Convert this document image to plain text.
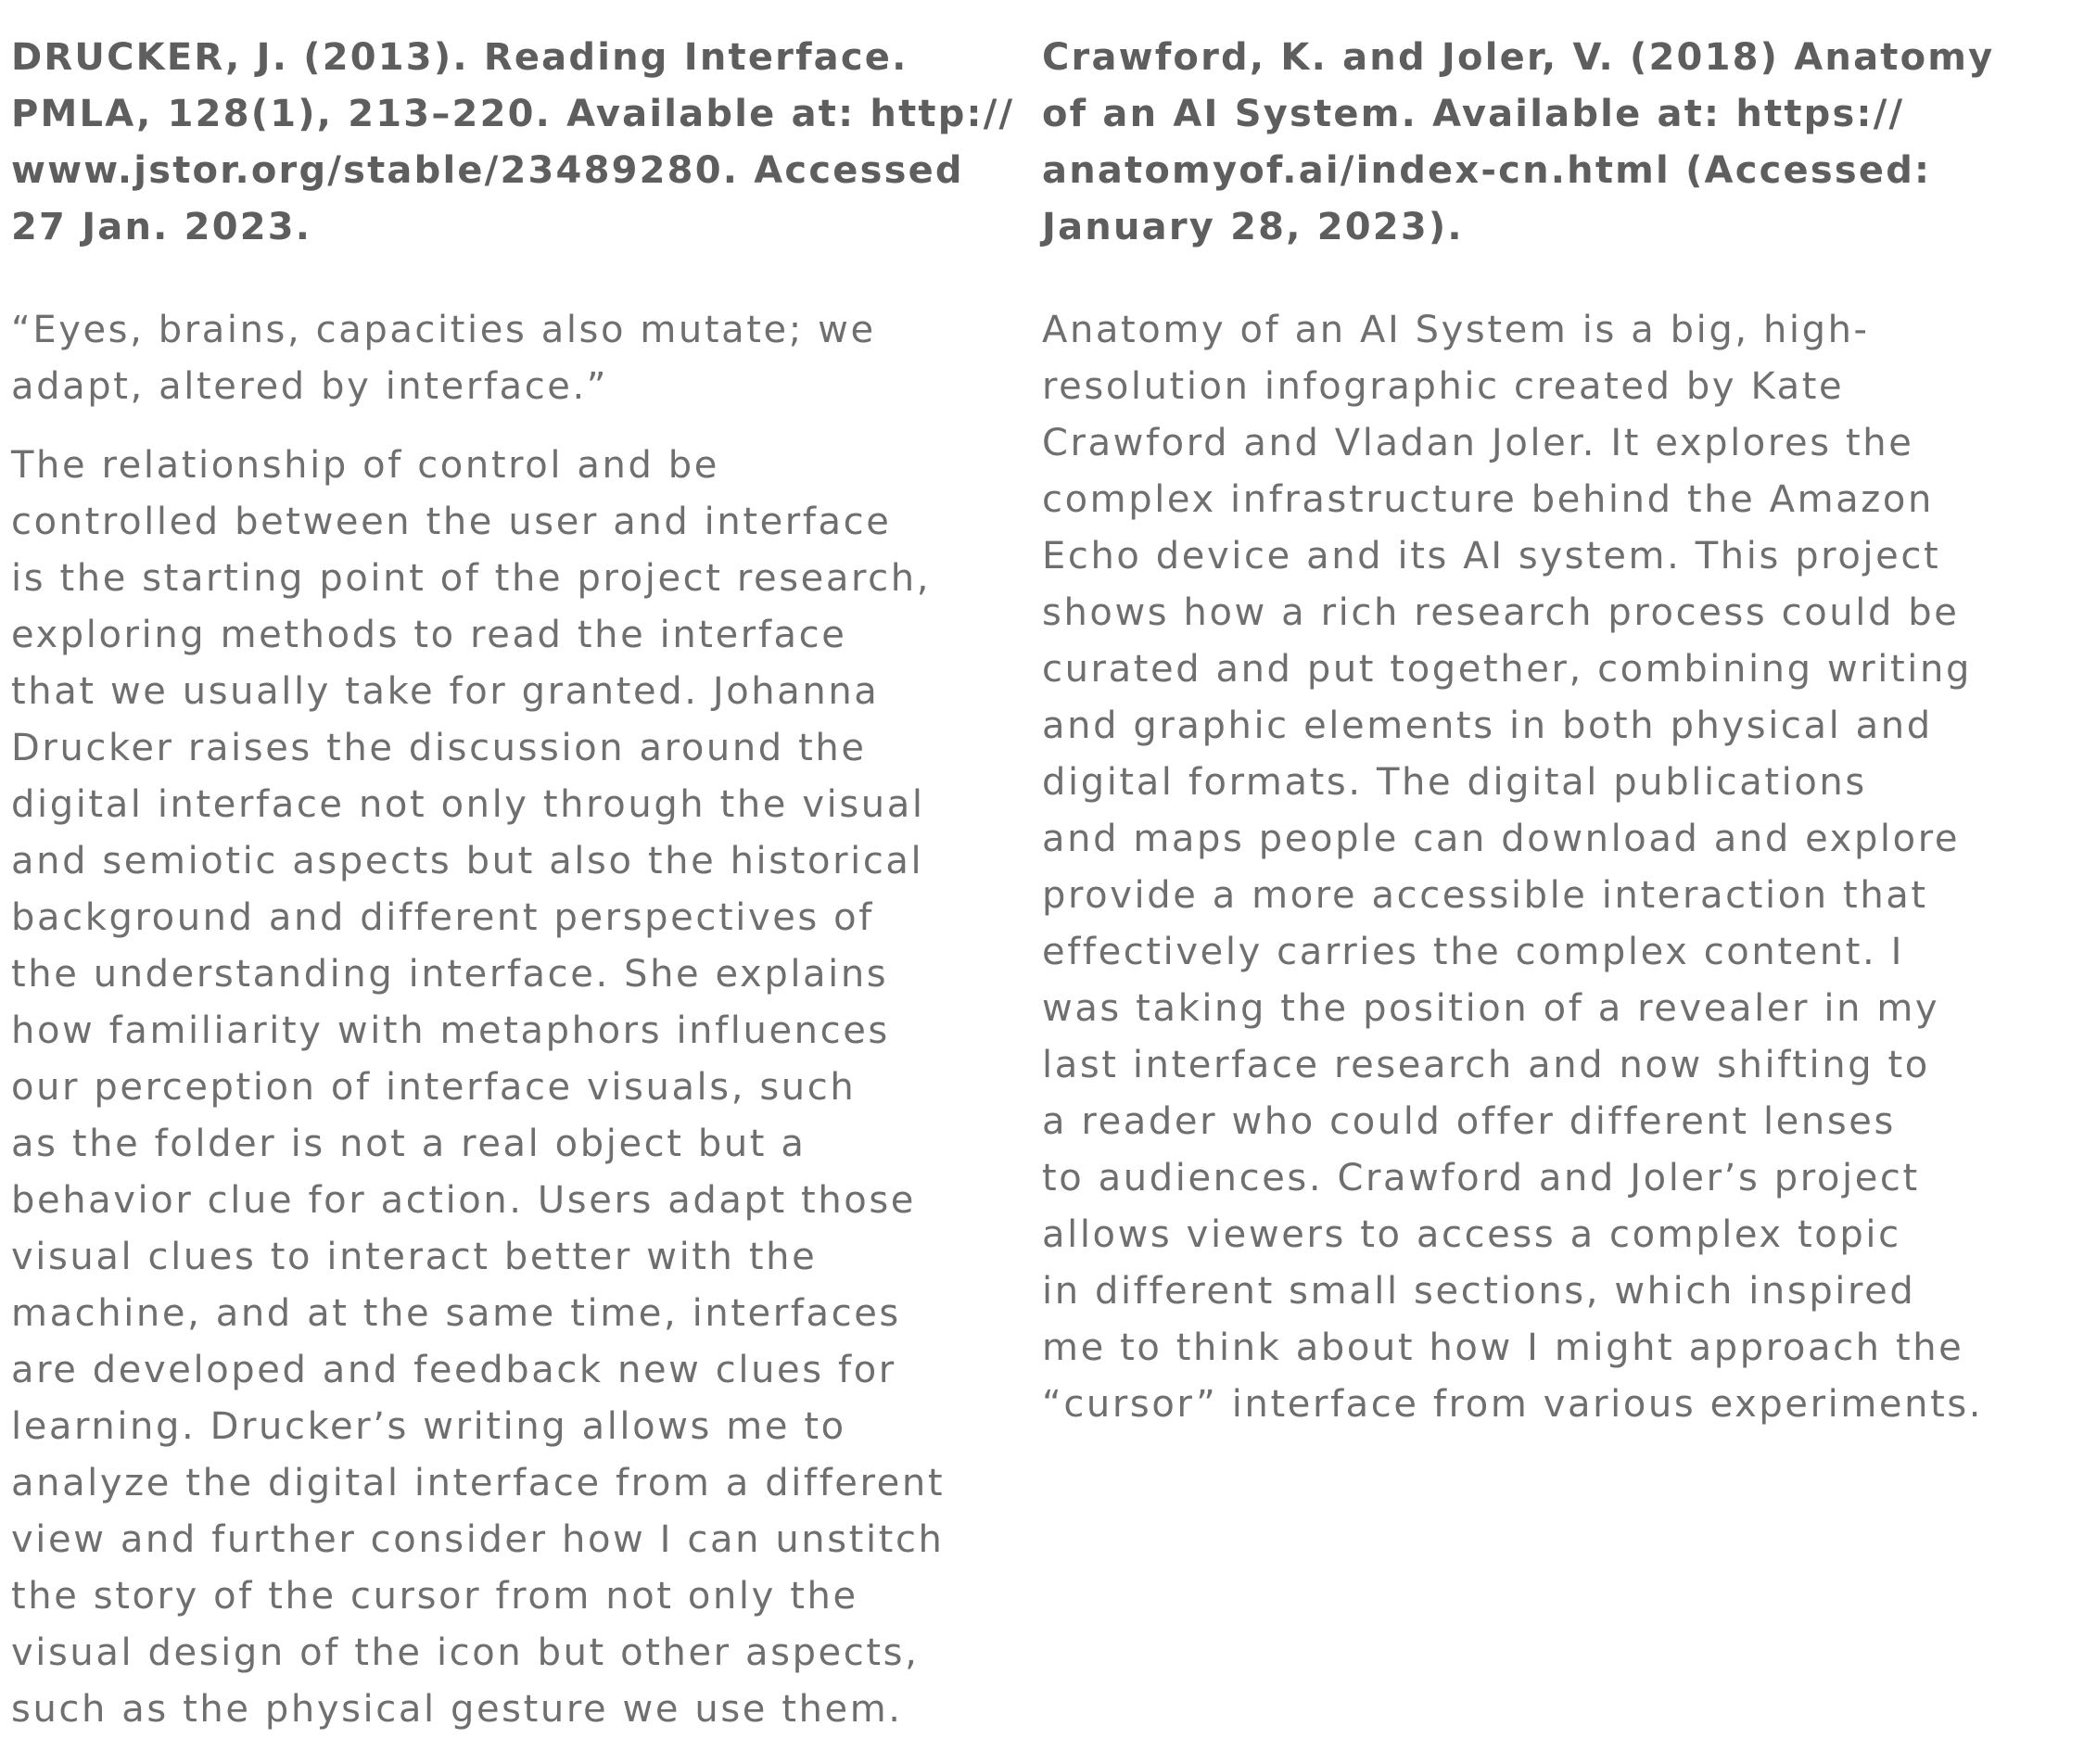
DRUCKER, J. (2013). Reading Interface.
PMLA, 128(1), 213–220. Available at: http://
www.jstor.org/stable/23489280. Accessed
27 Jan. 2023.

“Eyes, brains, capacities also mutate; we
adapt, altered by interface.”

The relationship of control and be
controlled between the user and interface
is the starting point of the project research,
exploring methods to read the interface
that we usually take for granted. Johanna
Drucker raises the discussion around the
digital interface not only through the visual
and semiotic aspects but also the historical
background and different perspectives of
the understanding interface. She explains
how familiarity with metaphors influences
our perception of interface visuals, such
as the folder is not a real object but a
behavior clue for action. Users adapt those
visual clues to interact better with the
machine, and at the same time, interfaces
are developed and feedback new clues for
learning. Drucker’s writing allows me to
analyze the digital interface from a different
view and further consider how I can unstitch
the story of the cursor from not only the
visual design of the icon but other aspects,
such as the physical gesture we use them.

Crawford, K. and Joler, V. (2018) Anatomy
of an AI System. Available at: https://
anatomyof.ai/index-cn.html (Accessed:
January 28, 2023).

Anatomy of an AI System is a big, high-
resolution infographic created by Kate
Crawford and Vladan Joler. It explores the
complex infrastructure behind the Amazon
Echo device and its AI system. This project
shows how a rich research process could be
curated and put together, combining writing
and graphic elements in both physical and
digital formats. The digital publications
and maps people can download and explore
provide a more accessible interaction that
effectively carries the complex content. I
was taking the position of a revealer in my
last interface research and now shifting to
a reader who could offer different lenses
to audiences. Crawford and Joler’s project
allows viewers to access a complex topic
in different small sections, which inspired
me to think about how I might approach the
“cursor” interface from various experiments.
